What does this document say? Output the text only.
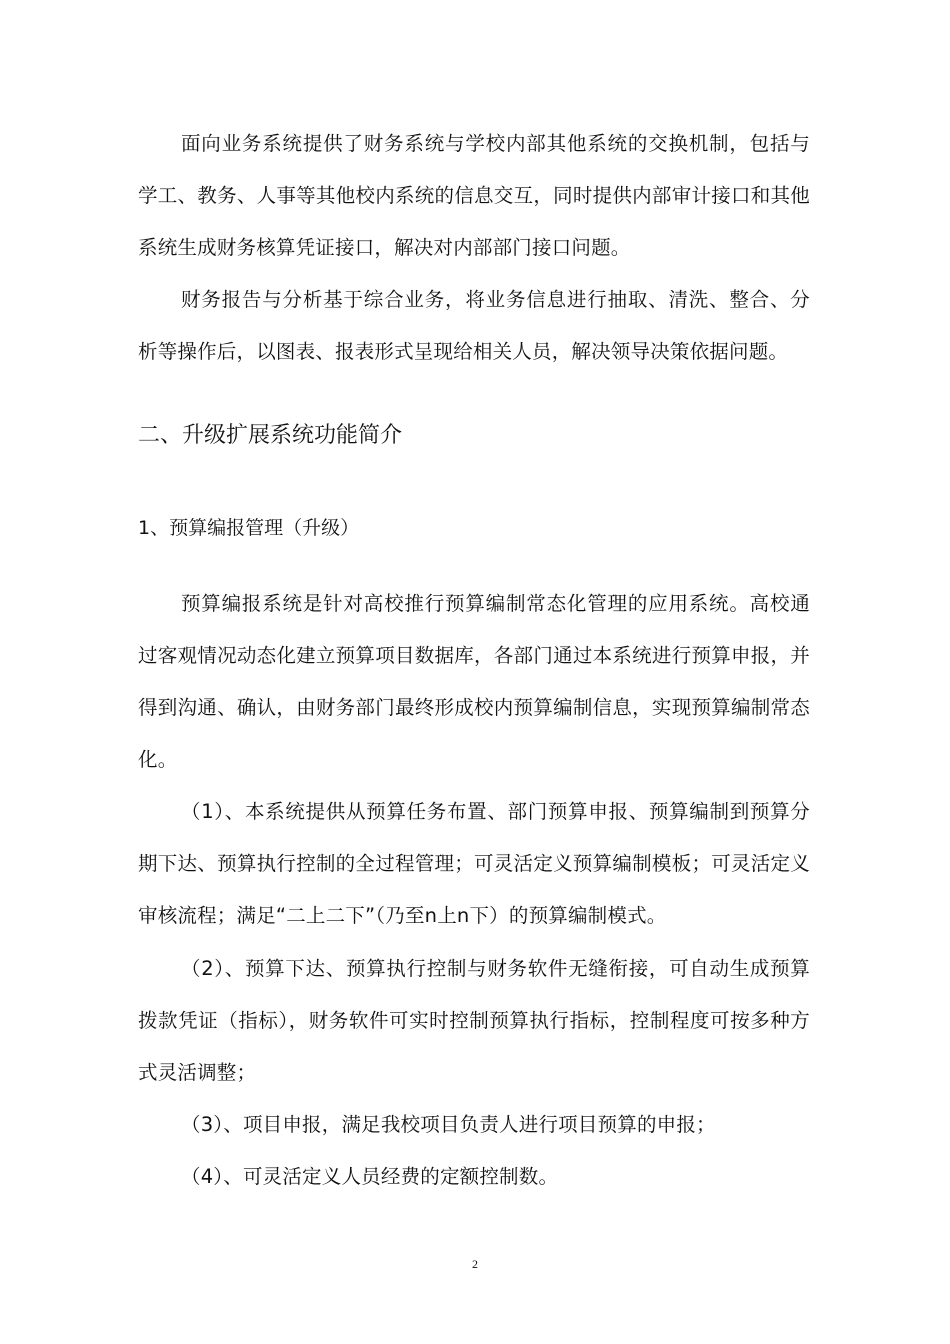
面向业务系统提供了财务系统与学校内部其他系统的交换机制，包括与学工、教务、人事等其他校内系统的信息交互，同时提供内部审计接口和其他系统生成财务核算凭证接口，解决对内部部门接口问题。

财务报告与分析基于综合业务，将业务信息进行抽取、清洗、整合、分析等操作后，以图表、报表形式呈现给相关人员，解决领导决策依据问题。

二、升级扩展系统功能简介
1、预算编报管理（升级）

预算编报系统是针对高校推行预算编制常态化管理的应用系统。高校通过客观情况动态化建立预算项目数据库，各部门通过本系统进行预算申报，并得到沟通、确认，由财务部门最终形成校内预算编制信息，实现预算编制常态化。

（1）、本系统提供从预算任务布置、部门预算申报、预算编制到预算分期下达、预算执行控制的全过程管理；可灵活定义预算编制模板；可灵活定义审核流程；满足“二上二下”（乃至n上n下）的预算编制模式。

（2）、预算下达、预算执行控制与财务软件无缝衔接，可自动生成预算拨款凭证（指标），财务软件可实时控制预算执行指标，控制程度可按多种方式灵活调整；

（3）、项目申报，满足我校项目负责人进行项目预算的申报；

（4）、可灵活定义人员经费的定额控制数。

2
